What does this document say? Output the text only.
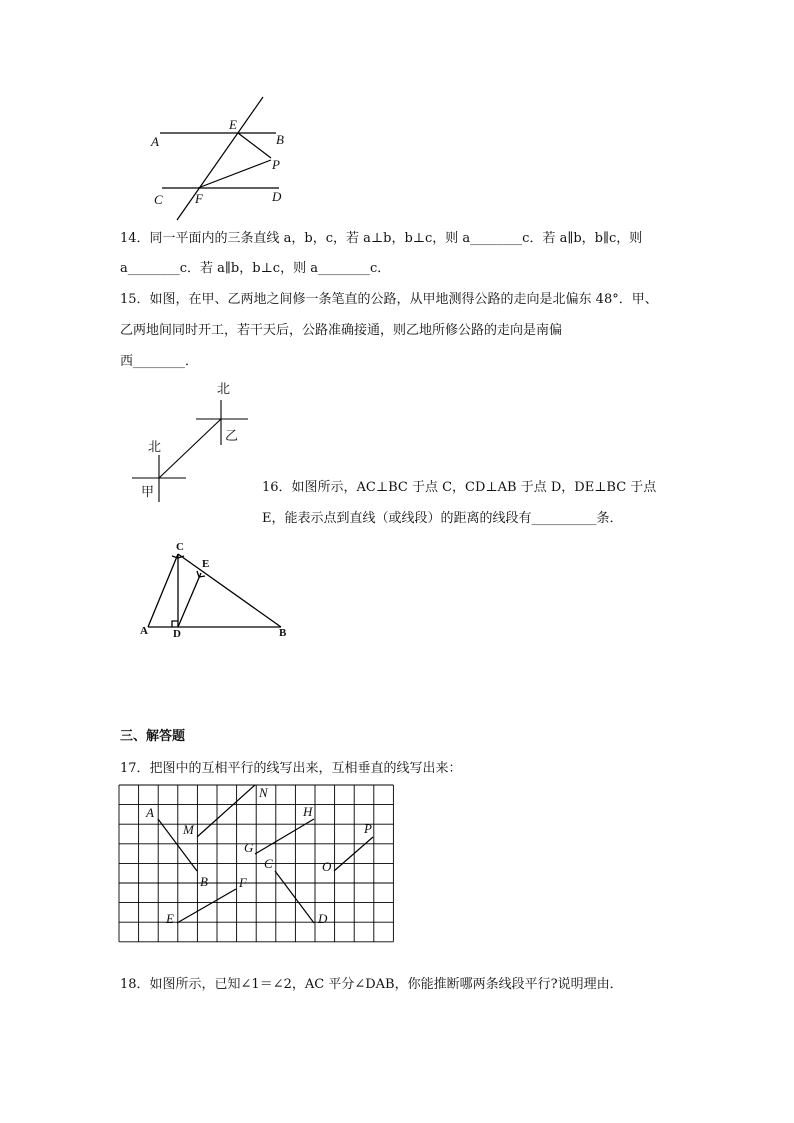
A
E
B
P
C F	D
14．同一平面内的三条直线 a，b，c，若 a⊥b，b⊥c，则 a________c．若 a∥b，b∥c，则
a________c．若 a∥b，b⊥c，则 a________c．
15．如图，在甲、乙两地之间修一条笔直的公路，从甲地测得公路的走向是北偏东 48°．甲、
乙两地间同时开工，若干天后，公路准确接通，则乙地所修公路的走向是南偏
西________．
北
乙
北
甲	16．如图所示，AC⊥BC 于点 C，CD⊥AB 于点 D，DE⊥BC 于点
E，能表示点到直线（或线段）的距离的线段有__________条．
C
E
A D	B
三、解答题
17．把图中的互相平行的线写出来，互相垂直的线写出来：
N
A
M
H
P
G
C	O
B F
E	D
18．如图所示，已知∠1＝∠2，AC 平分∠DAB，你能推断哪两条线段平行?说明理由．
